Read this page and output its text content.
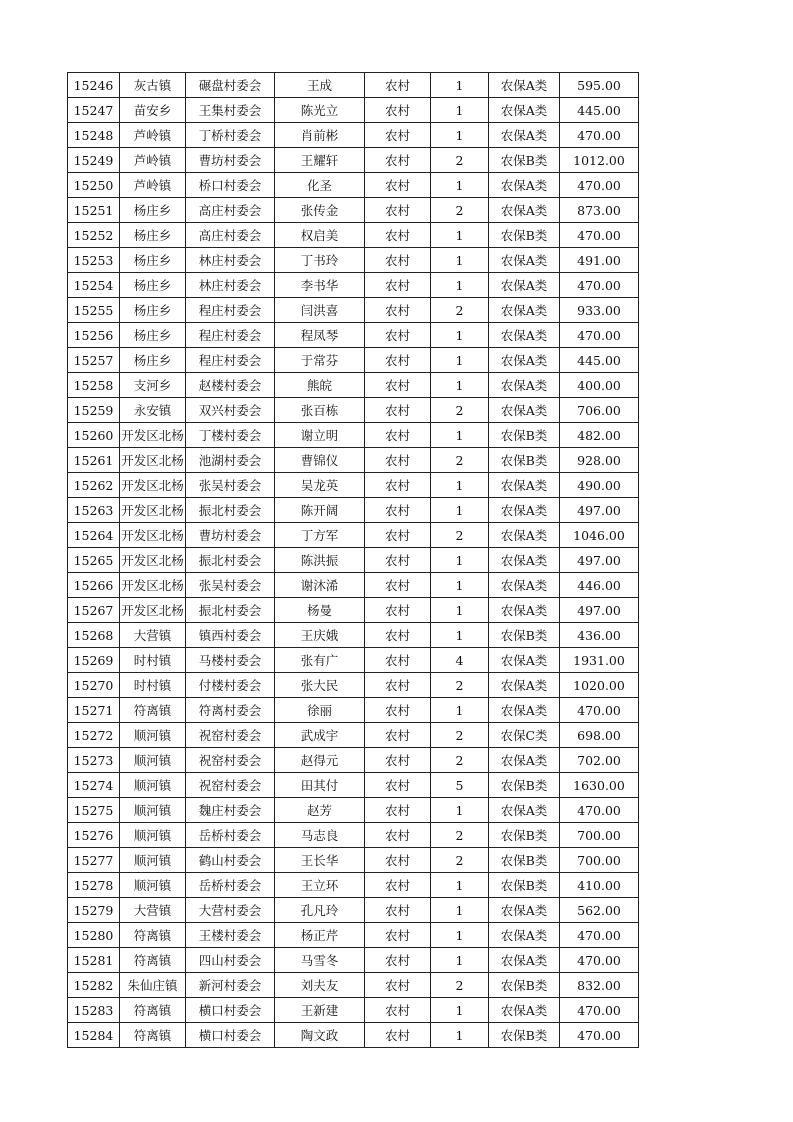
15246	灰古镇	碾盘村委会	王成	农村	1	农保A类	595.00
15247	苗安乡	王集村委会	陈光立	农村	1	农保A类	445.00
15248	芦岭镇	丁桥村委会	肖前彬	农村	1	农保A类	470.00
15249	芦岭镇	曹坊村委会	王耀轩	农村	2	农保B类	1012.00
15250	芦岭镇	桥口村委会	化圣	农村	1	农保A类	470.00
15251	杨庄乡	高庄村委会	张传金	农村	2	农保A类	873.00
15252	杨庄乡	高庄村委会	权启美	农村	1	农保B类	470.00
15253	杨庄乡	林庄村委会	丁书玲	农村	1	农保A类	491.00
15254	杨庄乡	林庄村委会	李书华	农村	1	农保A类	470.00
15255	杨庄乡	程庄村委会	闫洪喜	农村	2	农保A类	933.00
15256	杨庄乡	程庄村委会	程凤琴	农村	1	农保A类	470.00
15257	杨庄乡	程庄村委会	于常芬	农村	1	农保A类	445.00
15258	支河乡	赵楼村委会	熊皖	农村	1	农保A类	400.00
15259	永安镇	双兴村委会	张百栋	农村	2	农保A类	706.00
15260	开发区北杨	丁楼村委会	谢立明	农村	1	农保B类	482.00
15261	开发区北杨	池湖村委会	曹锦仪	农村	2	农保B类	928.00
15262	开发区北杨	张吴村委会	吴龙英	农村	1	农保A类	490.00
15263	开发区北杨	振北村委会	陈开阔	农村	1	农保A类	497.00
15264	开发区北杨	曹坊村委会	丁方军	农村	2	农保A类	1046.00
15265	开发区北杨	振北村委会	陈洪振	农村	1	农保A类	497.00
15266	开发区北杨	张吴村委会	谢沐浠	农村	1	农保A类	446.00
15267	开发区北杨	振北村委会	杨曼	农村	1	农保A类	497.00
15268	大营镇	镇西村委会	王庆娥	农村	1	农保B类	436.00
15269	时村镇	马楼村委会	张有广	农村	4	农保A类	1931.00
15270	时村镇	付楼村委会	张大民	农村	2	农保A类	1020.00
15271	符离镇	符离村委会	徐丽	农村	1	农保A类	470.00
15272	顺河镇	祝窑村委会	武成宇	农村	2	农保C类	698.00
15273	顺河镇	祝窑村委会	赵得元	农村	2	农保A类	702.00
15274	顺河镇	祝窑村委会	田其付	农村	5	农保B类	1630.00
15275	顺河镇	魏庄村委会	赵芳	农村	1	农保A类	470.00
15276	顺河镇	岳桥村委会	马志良	农村	2	农保B类	700.00
15277	顺河镇	鹤山村委会	王长华	农村	2	农保B类	700.00
15278	顺河镇	岳桥村委会	王立环	农村	1	农保B类	410.00
15279	大营镇	大营村委会	孔凡玲	农村	1	农保A类	562.00
15280	符离镇	王楼村委会	杨正芹	农村	1	农保A类	470.00
15281	符离镇	四山村委会	马雪冬	农村	1	农保A类	470.00
15282	朱仙庄镇	新河村委会	刘夫友	农村	2	农保B类	832.00
15283	符离镇	横口村委会	王新建	农村	1	农保A类	470.00
15284	符离镇	横口村委会	陶文政	农村	1	农保B类	470.00
